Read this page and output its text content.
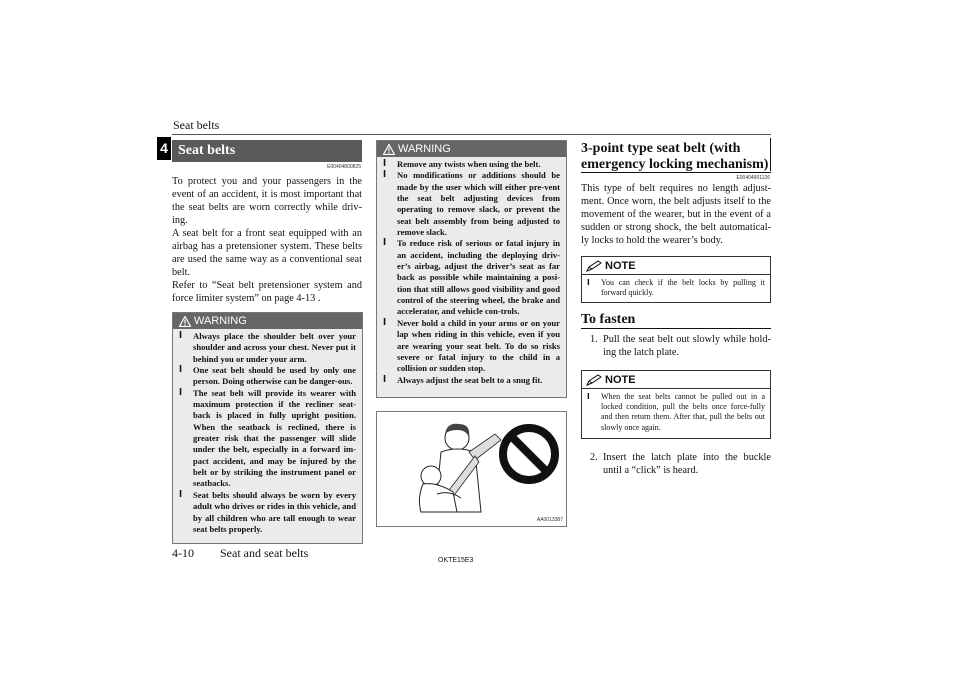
Seat belts
4 Seat belts
E00404800825
To protect you and your passengers in the event of an accident, it is most important that the seat belts are worn correctly while driv-ing.
A seat belt for a front seat equipped with an airbag has a pretensioner system. These belts are used the same way as a conventional seat belt.
Refer to “Seat belt pretensioner system and force limiter system” on page 4-13 .
WARNING
l Always place the shoulder belt over your shoulder and across your chest. Never put it behind you or under your arm.
l One seat belt should be used by only one person. Doing otherwise can be danger-ous.
l The seat belt will provide its wearer with maximum protection if the recliner seat-back is placed in fully upright position. When the seatback is reclined, there is greater risk that the passenger will slide under the belt, especially in a forward im-pact accident, and may be injured by the belt or by striking the instrument panel or seatbacks.
l Seat belts should always be worn by every adult who drives or rides in this vehicle, and by all children who are tall enough to wear seat belts properly.
WARNING
l Remove any twists when using the belt.
l No modifications or additions should be made by the user which will either pre-vent the seat belt adjusting devices from operating to remove slack, or prevent the seat belt assembly from being adjusted to remove slack.
l To reduce risk of serious or fatal injury in an accident, including the deploying driv-er’s airbag, adjust the driver’s seat as far back as possible while maintaining a posi-tion that still allows good visibility and good control of the steering wheel, the brake and accelerator, and vehicle con-trols.
l Never hold a child in your arms or on your lap when riding in this vehicle, even if you are wearing your seat belt. To do so risks severe or fatal injury to the child in a collision or sudden stop.
l Always adjust the seat belt to a snug fit.
AA0013387
3-point type seat belt (with
emergency locking mechanism)
E00404901126
This type of belt requires no length adjust-ment. Once worn, the belt adjusts itself to the movement of the wearer, but in the event of a sudden or strong shock, the belt automatical-ly locks to hold the wearer’s body.
NOTE
l You can check if the belt locks by pulling it forward quickly.
To fasten
1. Pull the seat belt out slowly while hold-ing the latch plate.
NOTE
l When the seat belts cannot be pulled out in a locked condition, pull the belts once force-fully and then return them. After that, pull the belts out slowly once again.
2. Insert the latch plate into the buckle until a “click” is heard.
4-10 Seat and seat belts
OKTE15E3
